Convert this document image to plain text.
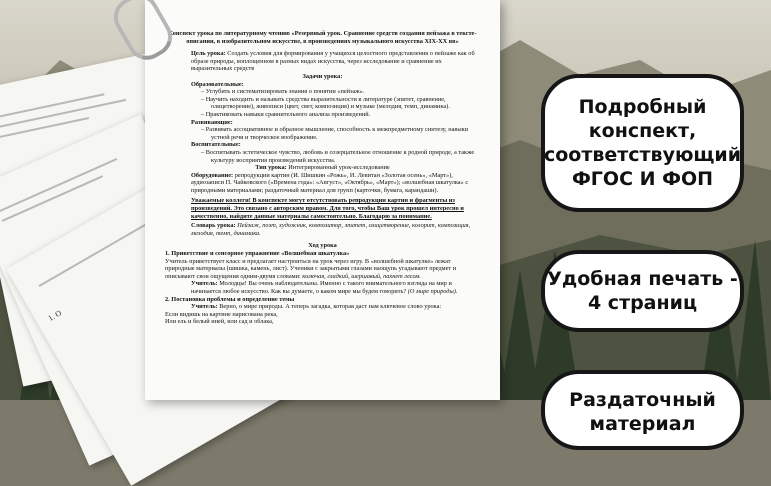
1. О

Конспект урока по литературному чтению «Резервный урок. Сравнение средств создания пейзажа в тексте-описании, в изобразительном искусстве, в произведениях музыкального искусства XIX-XX вв»

Цель урока: Создать условия для формирования у учащихся целостного представления о пейзаже как об образе природы, воплощенном в разных видах искусства, через исследование и сравнение их выразительных средств

Задачи урока:

Образовательные:

– Углубить и систематизировать знания о понятии «пейзаж».

– Научить находить и называть средства выразительности в литературе (эпитет, сравнение, олицетворение), живописи (цвет, свет, композиция) и музыке (мелодия, темп, динамика).

– Практиковать навыки сравнительного анализа произведений.

Развивающие:

– Развивать ассоциативное и образное мышление, способность к межпредметному синтезу, навыки устной речи и творческое воображение.

Воспитательные:

– Воспитывать эстетическое чувство, любовь и созерцательное отношение к родной природе, а также культуру восприятия произведений искусства.

Тип урока: Интегрированный урок-исследование

Оборудование: репродукции картин (И. Шишкин «Рожь», И. Левитан «Золотая осень», «Март»), аудиозаписи П. Чайковского («Времена года»: «Август», «Октябрь», «Март»); «волшебная шкатулка» с природными материалами; раздаточный материал для групп (карточки, бумага, карандаши).

Уважаемые коллеги! В конспекте могут отсутствовать репродукции картин и фрагменты из произведений. Это связано с авторским правом. Для того, чтобы Ваш урок прошел интересно и качественно, найдите данные материалы самостоятельно. Благодарю за понимание.

Словарь урока: Пейзаж, поэт, художник, композитор, эпитет, олицетворение, колорит, композиция, мелодия, темп, динамика.

Ход урока

1. Приветствие и сенсорное упражнение «Волшебная шкатулка»

Учитель приветствует класс и предлагает настроиться на урок через игру. В «волшебной шкатулке» лежат природные материалы (шишка, камень, лист). Ученики с закрытыми глазами наощупь угадывают предмет и описывают свои ощущения одним-двумя словами: колючая, гладкий, шершавый, пахнет лесом.

Учитель: Молодцы! Вы очень наблюдательны. Именно с такого внимательного взгляда на мир и начинается любое искусство. Как вы думаете, о каком мире мы будем говорить? (О мире природы).

2. Постановка проблемы и определение темы

Учитель: Верно, о мире природы. А теперь загадка, которая даст нам ключевое слово урока:

Если видишь на картине нарисована река,

Или ель и белый иней, или сад и облака,

Подробный конспект, соответствующий ФГОС И ФОП
Удобная печать - 4 страниц
Раздаточный материал
